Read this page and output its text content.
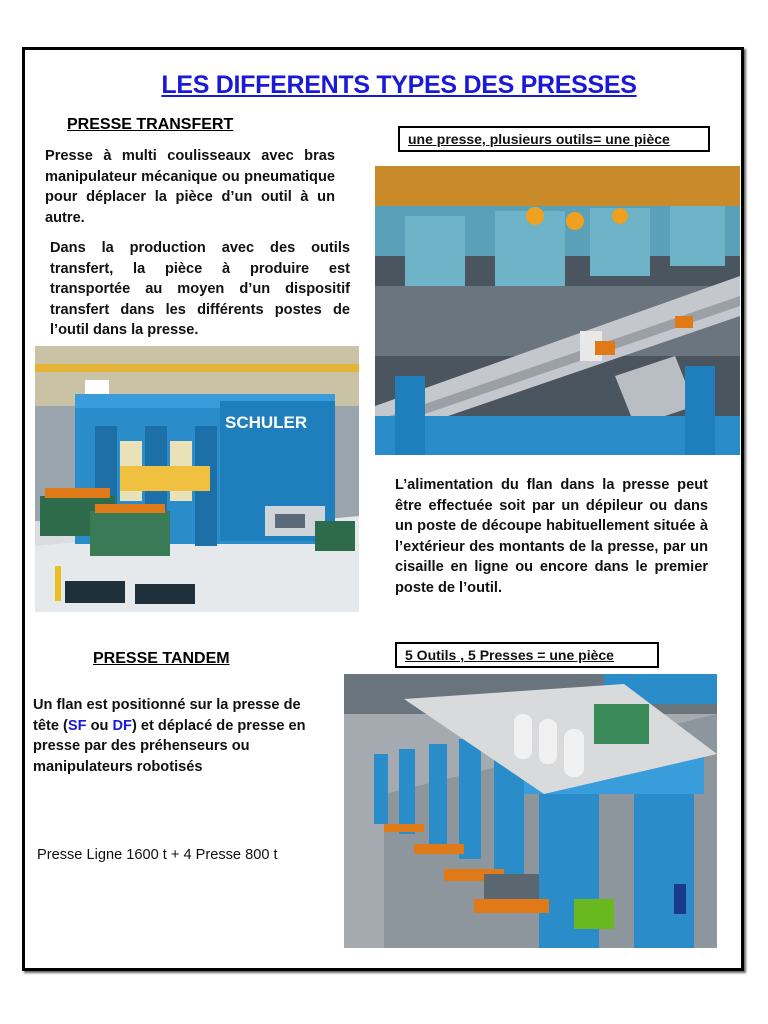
LES DIFFERENTS TYPES DES PRESSES
PRESSE TRANSFERT
une presse, plusieurs outils= une pièce
Presse à multi coulisseaux avec bras manipulateur mécanique ou pneumatique pour déplacer la pièce d’un outil à un autre.
Dans la production avec des outils transfert, la pièce à produire est transportée au moyen d’un dispositif transfert dans les différents postes de l’outil dans la presse.
SCHULER
L’alimentation du flan dans la presse peut être effectuée soit par un dépileur ou dans un poste de découpe habituellement située à l’extérieur des montants de la presse, par un cisaille en ligne ou encore dans le premier poste de l’outil.
PRESSE TANDEM	5 Outils , 5 Presses = une pièce
Un flan est positionné sur la presse de tête (SF ou DF) et déplacé de presse en presse par des préhenseurs ou manipulateurs robotisés
Presse Ligne 1600 t + 4 Presse 800 t
